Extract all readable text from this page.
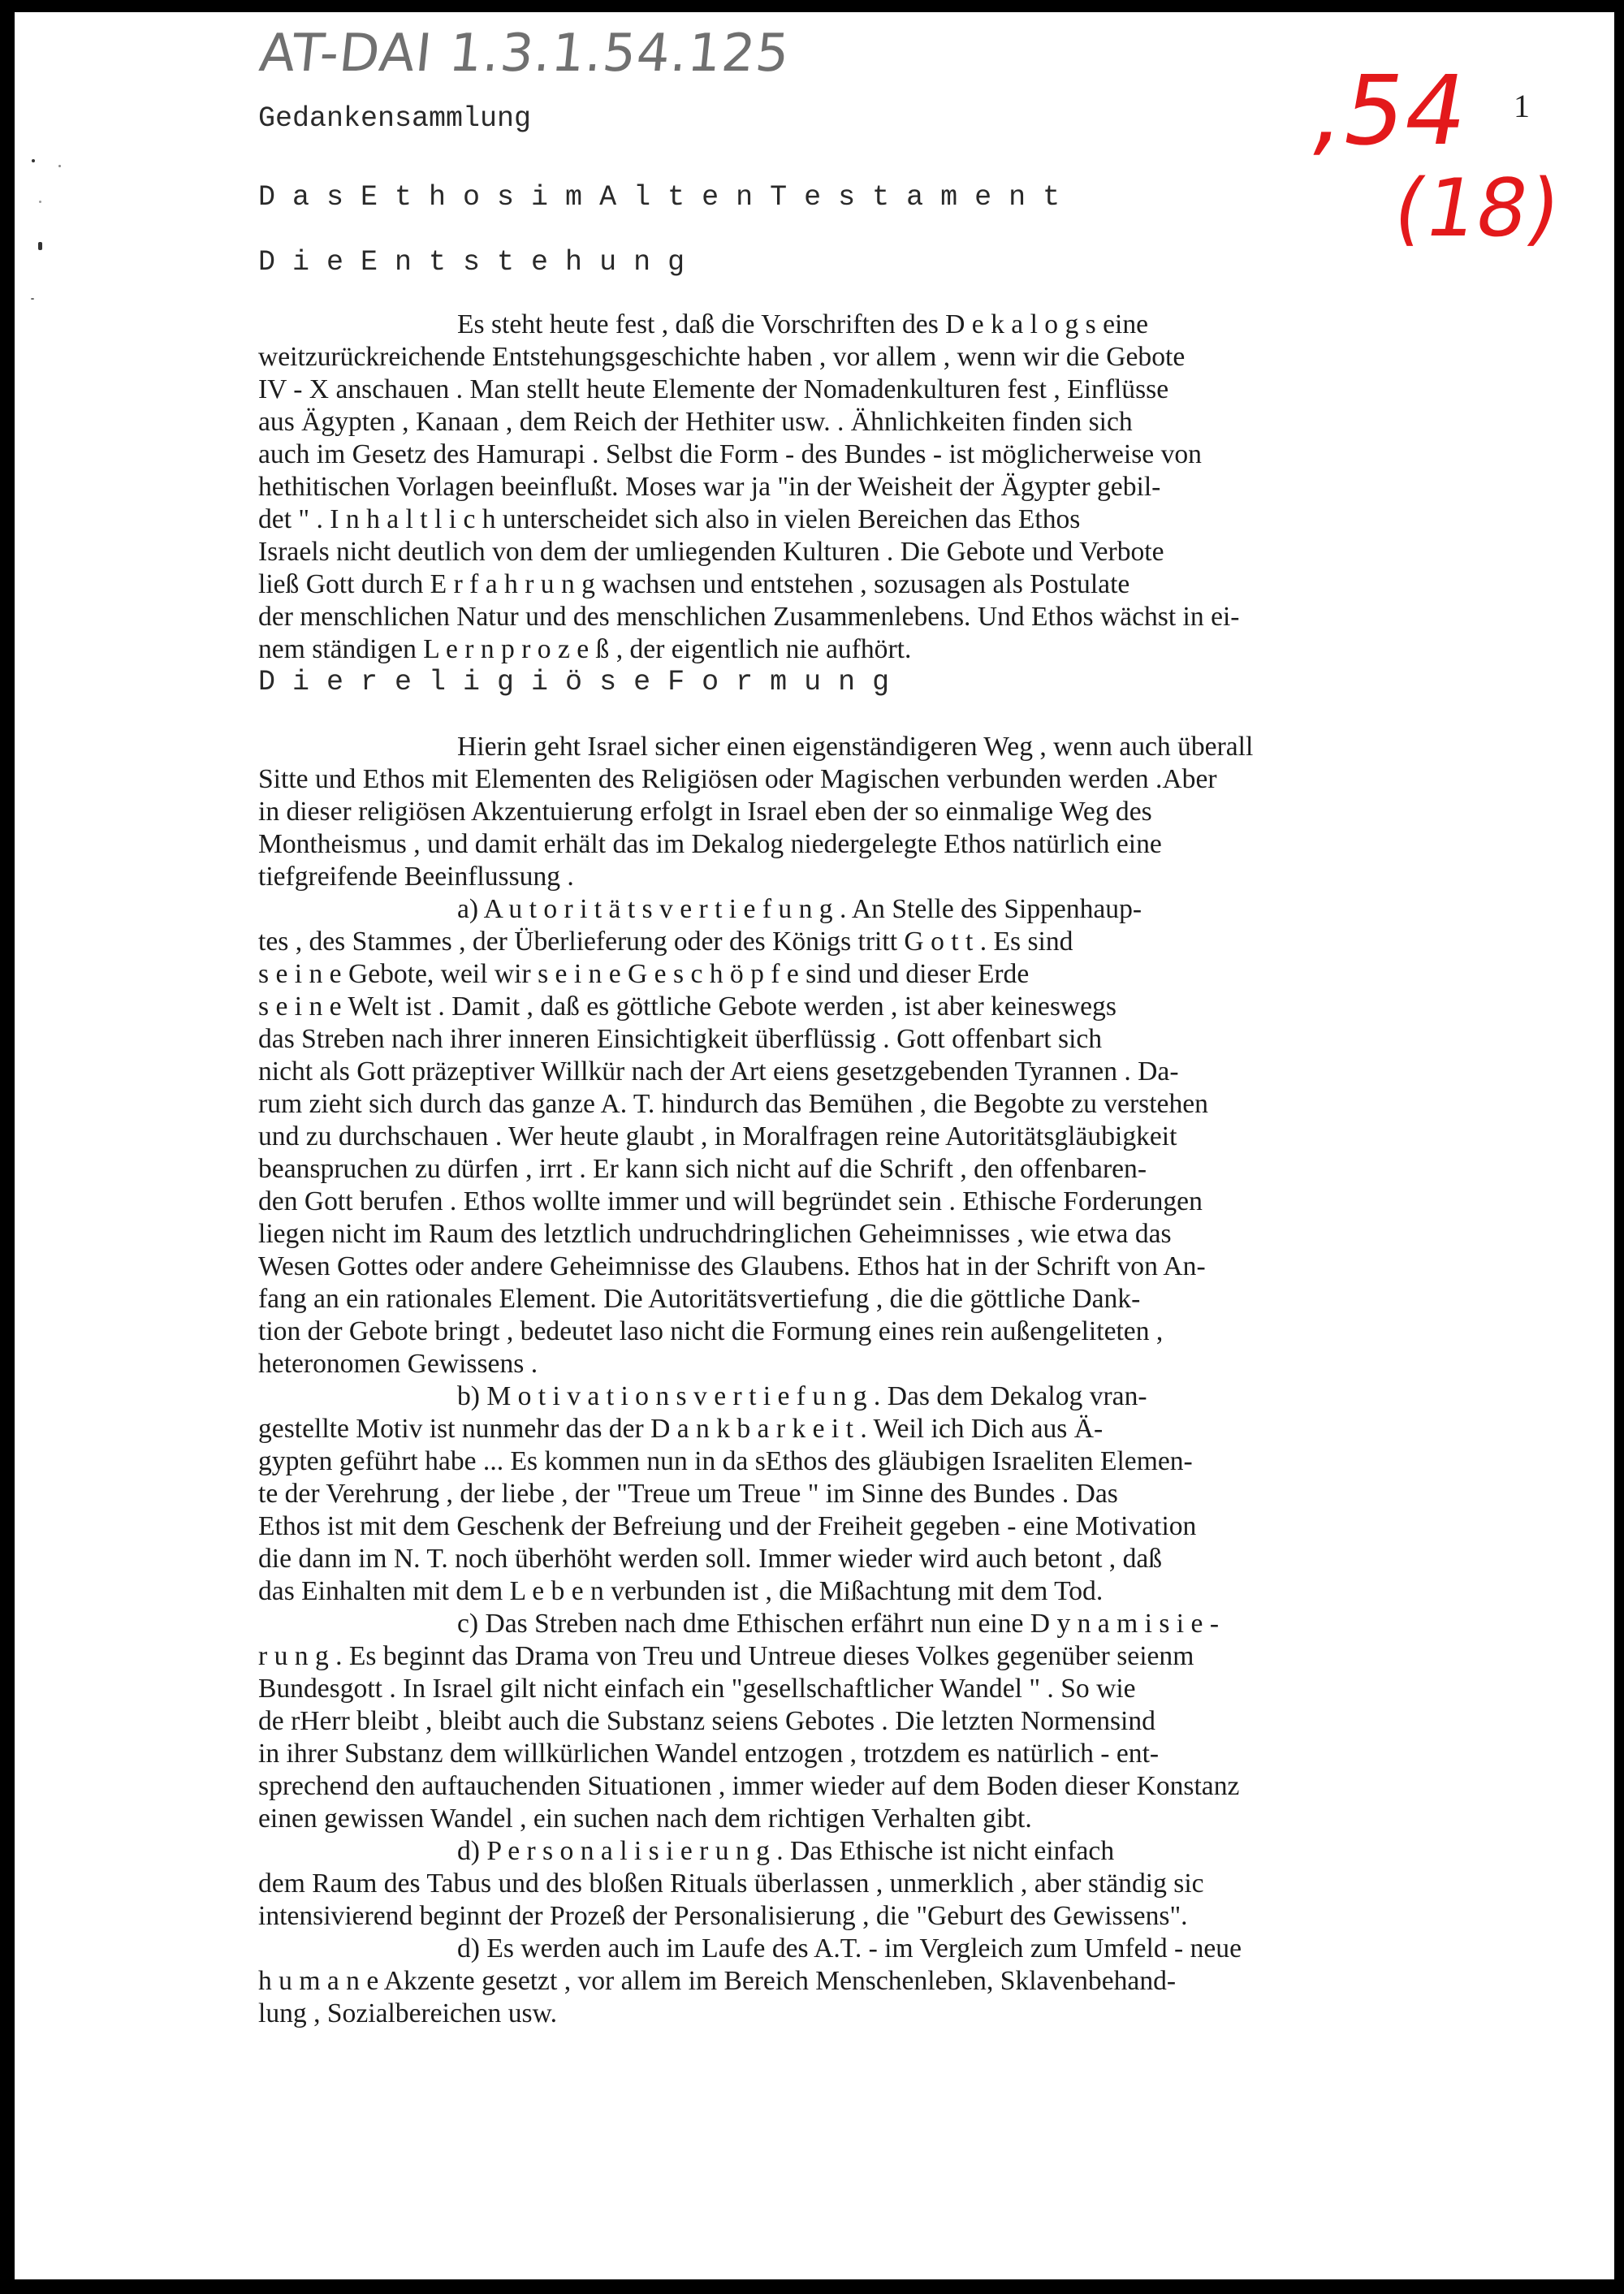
AT-DAI 1.3.1.54.125
1
,54
(18)
Gedankensammlung
D a s E t h o s i m A l t e n T e s t a m e n t
D i e E n t s t e h u n g
Es steht heute fest , daß die Vorschriften des D e k a l o g s eine
weitzurückreichende Entstehungsgeschichte haben , vor allem , wenn wir die Gebote
IV - X anschauen . Man stellt heute Elemente der Nomadenkulturen fest , Einflüsse
aus Ägypten , Kanaan , dem Reich der Hethiter usw. . Ähnlichkeiten finden sich
auch im Gesetz des Hamurapi . Selbst die Form - des Bundes - ist möglicherweise von
hethitischen Vorlagen beeinflußt. Moses war ja "in der Weisheit der Ägypter gebil-
det " . I n h a l t l i c h unterscheidet sich also in vielen Bereichen das Ethos
Israels nicht deutlich von dem der umliegenden Kulturen . Die Gebote und Verbote
ließ Gott durch E r f a h r u n g wachsen und entstehen , sozusagen als Postulate
der menschlichen Natur und des menschlichen Zusammenlebens. Und Ethos wächst in ei-
nem ständigen L e r n p r o z e ß , der eigentlich nie aufhört.
D i e r e l i g i ö s e F o r m u n g
Hierin geht Israel sicher einen eigenständigeren Weg , wenn auch überall
Sitte und Ethos mit Elementen des Religiösen oder Magischen verbunden werden .Aber
in dieser religiösen Akzentuierung erfolgt in Israel eben der so einmalige Weg des
Montheismus , und damit erhält das im Dekalog niedergelegte Ethos natürlich eine
tiefgreifende Beeinflussung .
a) A u t o r i t ä t s v e r t i e f u n g . An Stelle des Sippenhaup-
tes , des Stammes , der Überlieferung oder des Königs tritt G o t t . Es sind
s e i n e Gebote, weil wir s e i n e G e s c h ö p f e sind und dieser Erde
s e i n e Welt ist . Damit , daß es göttliche Gebote werden , ist aber keineswegs
das Streben nach ihrer inneren Einsichtigkeit überflüssig . Gott offenbart sich
nicht als Gott präzeptiver Willkür nach der Art eiens gesetzgebenden Tyrannen . Da-
rum zieht sich durch das ganze A. T. hindurch das Bemühen , die Begobte zu verstehen
und zu durchschauen . Wer heute glaubt , in Moralfragen reine Autoritätsgläubigkeit
beanspruchen zu dürfen , irrt . Er kann sich nicht auf die Schrift , den offenbaren-
den Gott berufen . Ethos wollte immer und will begründet sein . Ethische Forderungen
liegen nicht im Raum des letztlich undruchdringlichen Geheimnisses , wie etwa das
Wesen Gottes oder andere Geheimnisse des Glaubens. Ethos hat in der Schrift von An-
fang an ein rationales Element. Die Autoritätsvertiefung , die die göttliche Dank-
tion der Gebote bringt , bedeutet laso nicht die Formung eines rein außengeliteten ,
heteronomen Gewissens .
b) M o t i v a t i o n s v e r t i e f u n g . Das dem Dekalog vran-
gestellte Motiv ist nunmehr das der D a n k b a r k e i t . Weil ich Dich aus Ä-
gypten geführt habe ... Es kommen nun in da sEthos des gläubigen Israeliten Elemen-
te der Verehrung , der liebe , der "Treue um Treue " im Sinne des Bundes . Das
Ethos ist mit dem Geschenk der Befreiung und der Freiheit gegeben - eine Motivation
die dann im N. T. noch überhöht werden soll. Immer wieder wird auch betont , daß
das Einhalten mit dem L e b e n verbunden ist , die Mißachtung mit dem Tod.
c) Das Streben nach dme Ethischen erfährt nun eine D y n a m i s i e -
r u n g . Es beginnt das Drama von Treu und Untreue dieses Volkes gegenüber seienm
Bundesgott . In Israel gilt nicht einfach ein "gesellschaftlicher Wandel " . So wie
de rHerr bleibt , bleibt auch die Substanz seiens Gebotes . Die letzten Normensind
in ihrer Substanz dem willkürlichen Wandel entzogen , trotzdem es natürlich - ent-
sprechend den auftauchenden Situationen , immer wieder auf dem Boden dieser Konstanz
einen gewissen Wandel , ein suchen nach dem richtigen Verhalten gibt.
d) P e r s o n a l i s i e r u n g . Das Ethische ist nicht einfach
dem Raum des Tabus und des bloßen Rituals überlassen , unmerklich , aber ständig sic
intensivierend beginnt der Prozeß der Personalisierung , die "Geburt des Gewissens".
d) Es werden auch im Laufe des A.T. - im Vergleich zum Umfeld - neue
h u m a n e Akzente gesetzt , vor allem im Bereich Menschenleben, Sklavenbehand-
lung , Sozialbereichen usw.
